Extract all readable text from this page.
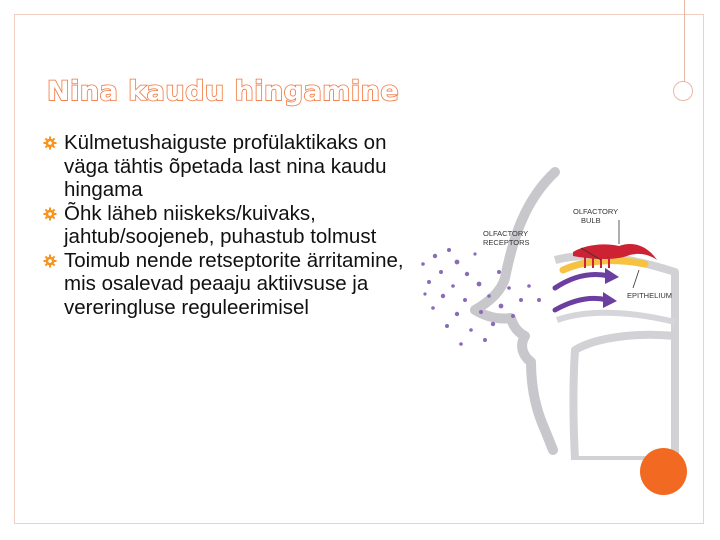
Nina kaudu hingamine
Külmetushaiguste profülaktikaks on väga tähtis õpetada last nina kaudu hingama
Õhk läheb niiskeks/kuivaks, jahtub/soojeneb, puhastub tolmust
Toimub nende retseptorite ärritamine, mis osalevad peaaju aktiivsuse ja vereringluse reguleerimisel
OLFACTORY BULB
OLFACTORY RECEPTORS
EPITHELIUM
